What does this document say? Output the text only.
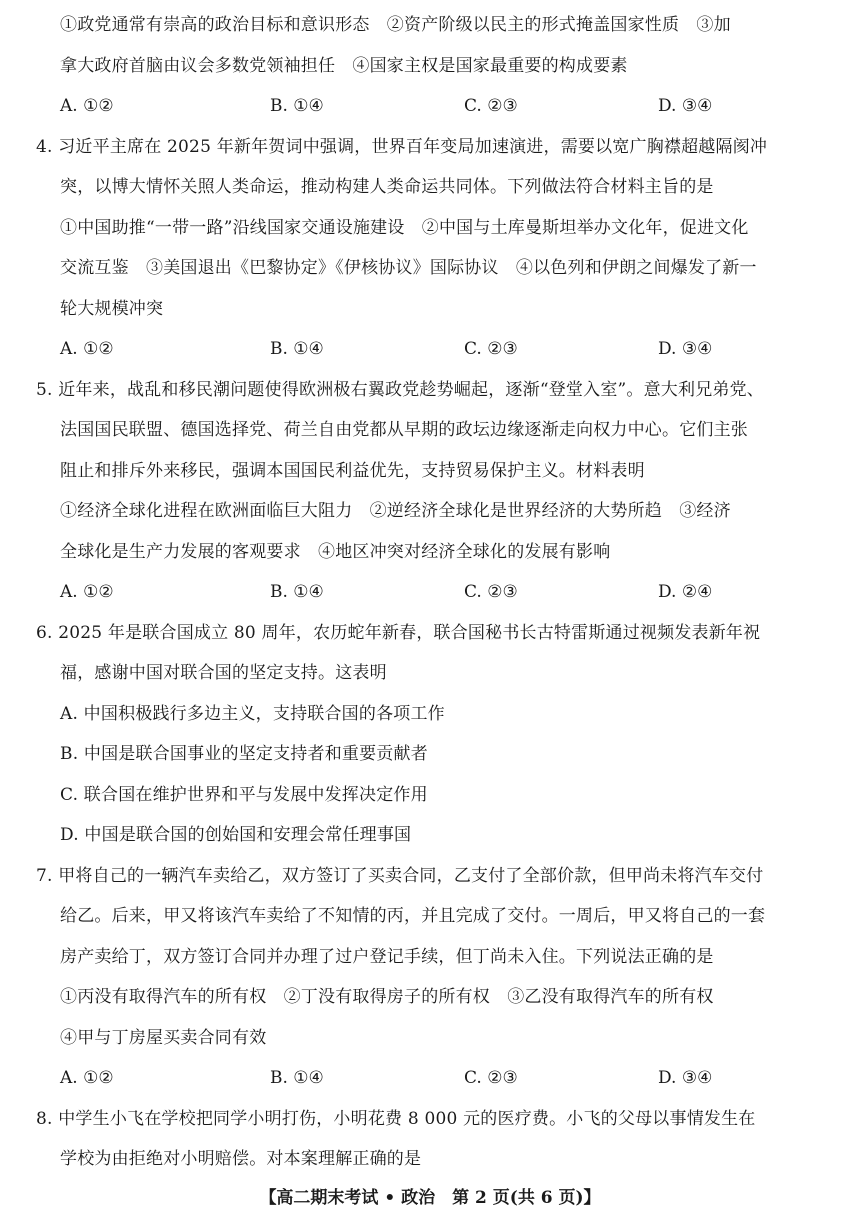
①政党通常有崇高的政治目标和意识形态　②资产阶级以民主的形式掩盖国家性质　③加
拿大政府首脑由议会多数党领袖担任　④国家主权是国家最重要的构成要素
A. ①②	B. ①④	C. ②③	D. ③④
4. 习近平主席在 2025 年新年贺词中强调，世界百年变局加速演进，需要以宽广胸襟超越隔阂冲
突，以博大情怀关照人类命运，推动构建人类命运共同体。下列做法符合材料主旨的是
①中国助推“一带一路”沿线国家交通设施建设　②中国与土库曼斯坦举办文化年，促进文化
交流互鉴　③美国退出《巴黎协定》《伊核协议》国际协议　④以色列和伊朗之间爆发了新一
轮大规模冲突
A. ①②	B. ①④	C. ②③	D. ③④
5. 近年来，战乱和移民潮问题使得欧洲极右翼政党趁势崛起，逐渐“登堂入室”。意大利兄弟党、
法国国民联盟、德国选择党、荷兰自由党都从早期的政坛边缘逐渐走向权力中心。它们主张
阻止和排斥外来移民，强调本国国民利益优先，支持贸易保护主义。材料表明
①经济全球化进程在欧洲面临巨大阻力　②逆经济全球化是世界经济的大势所趋　③经济
全球化是生产力发展的客观要求　④地区冲突对经济全球化的发展有影响
A. ①②	B. ①④	C. ②③	D. ②④
6. 2025 年是联合国成立 80 周年，农历蛇年新春，联合国秘书长古特雷斯通过视频发表新年祝
福，感谢中国对联合国的坚定支持。这表明
A. 中国积极践行多边主义，支持联合国的各项工作
B. 中国是联合国事业的坚定支持者和重要贡献者
C. 联合国在维护世界和平与发展中发挥决定作用
D. 中国是联合国的创始国和安理会常任理事国
7. 甲将自己的一辆汽车卖给乙，双方签订了买卖合同，乙支付了全部价款，但甲尚未将汽车交付
给乙。后来，甲又将该汽车卖给了不知情的丙，并且完成了交付。一周后，甲又将自己的一套
房产卖给丁，双方签订合同并办理了过户登记手续，但丁尚未入住。下列说法正确的是
①丙没有取得汽车的所有权　②丁没有取得房子的所有权　③乙没有取得汽车的所有权
④甲与丁房屋买卖合同有效
A. ①②	B. ①④	C. ②③	D. ③④
8. 中学生小飞在学校把同学小明打伤，小明花费 8 000 元的医疗费。小飞的父母以事情发生在
学校为由拒绝对小明赔偿。对本案理解正确的是
【高二期末考试 • 政治　第 2 页(共 6 页)】
